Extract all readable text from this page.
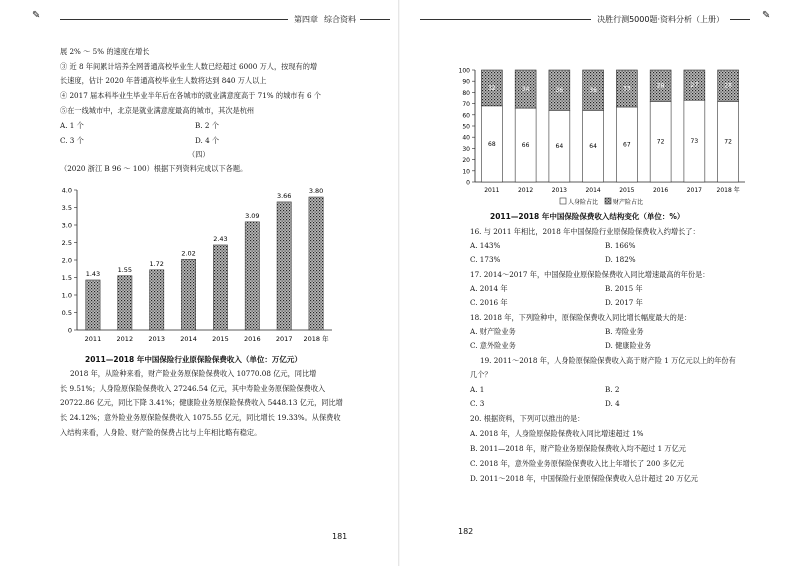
✎	第四章 综合资料
展 2% ～ 5% 的速度在增长
③ 近 8 年间累计培养全网普通高校毕业生人数已经超过 6000 万人，按现有的增
长速度，估计 2020 年普通高校毕业生人数将达到 840 万人以上
④ 2017 届本科毕业生毕业半年后在各城市的就业满意度高于 71% 的城市有 6 个
⑤在一线城市中，北京是就业满意度最高的城市，其次是杭州
A. 1 个	B. 2 个
C. 3 个	D. 4 个
（四）
（2020 浙江 B 96 ～ 100）根据下列资料完成以下各题。
0
0.5
1.0
1.5
2.0
2.5
3.0
3.5
4.0
1.43
2011
1.55
2012
1.72
2013
2.02
2014
2.43
2015
3.09
2016
3.66
2017
3.80
2018 年
2011—2018 年中国保险行业原保险保费收入（单位：万亿元）
2018 年，从险种来看，财产险业务原保险保费收入 10770.08 亿元，同比增
长 9.51%；人身险原保险保费收入 27246.54 亿元，其中寿险业务原保险保费收入
20722.86 亿元，同比下降 3.41%；健康险业务原保险保费收入 5448.13 亿元，同比增
长 24.12%；意外险业务原保险保费收入 1075.55 亿元，同比增长 19.33%。从保费收
入结构来看，人身险、财产险的保费占比与上年相比略有稳定。
181
决胜行测5000题·资料分析（上册）	✎
0
10
20
30
40
50
60
70
80
90
100
68
32
2011
66
34
2012
64
36
2013
64
36
2014
67
33
2015
72
28
2016
73
27
2017
72
28
2018 年
人身险占比 财产险占比
2011—2018 年中国保险保费收入结构变化（单位：%）
16. 与 2011 年相比，2018 年中国保险行业原保险保费收入约增长了：
A. 143%	B. 166%
C. 173%	D. 182%
17. 2014～2017 年，中国保险业原保险保费收入同比增速最高的年份是：
A. 2014 年	B. 2015 年
C. 2016 年	D. 2017 年
18. 2018 年，下列险种中，原保险保费收入同比增长幅度最大的是：
A. 财产险业务	B. 寿险业务
C. 意外险业务	D. 健康险业务
19. 2011～2018 年，人身险原保险保费收入高于财产险 1 万亿元以上的年份有
几个？
A. 1	B. 2
C. 3	D. 4
20. 根据资料，下列可以推出的是：
A. 2018 年，人身险原保险保费收入同比增速超过 1%
B. 2011—2018 年，财产险业务原保险保费收入均不超过 1 万亿元
C. 2018 年，意外险业务原保险保费收入比上年增长了 200 多亿元
D. 2011～2018 年，中国保险行业原保险保费收入总计超过 20 万亿元
182
